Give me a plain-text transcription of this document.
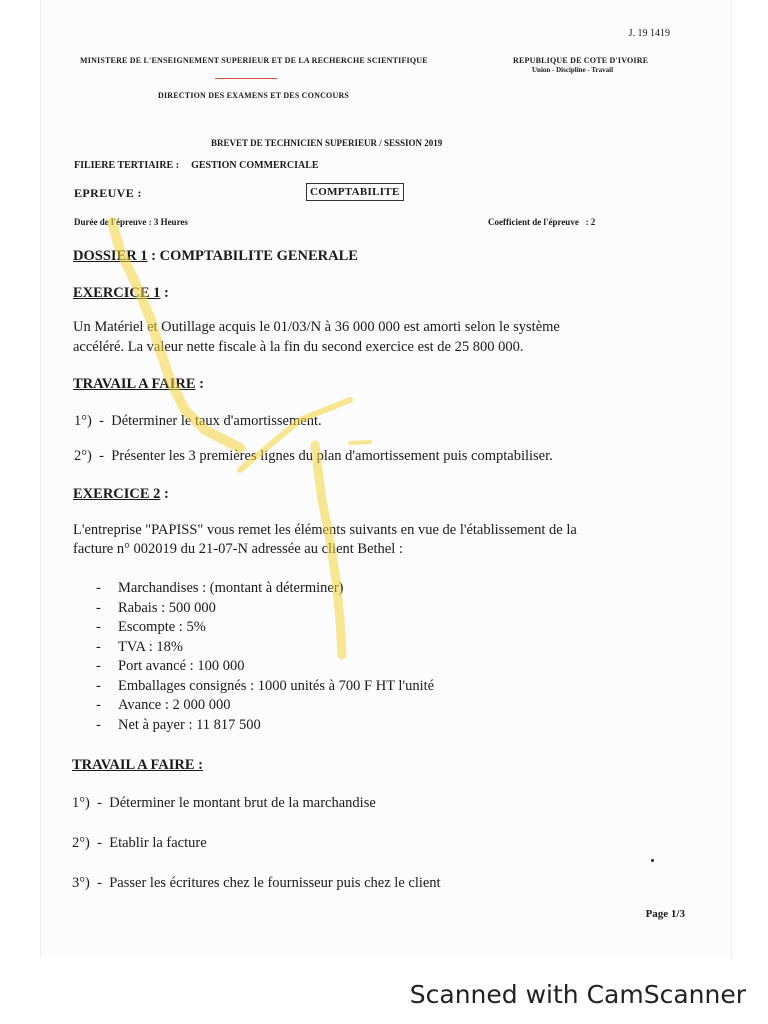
J. 19 1419
MINISTERE DE L'ENSEIGNEMENT SUPERIEUR ET DE LA RECHERCHE SCIENTIFIQUE	REPUBLIQUE DE COTE D'IVOIRE
Union - Discipline - Travail
DIRECTION DES EXAMENS ET DES CONCOURS
BREVET DE TECHNICIEN SUPERIEUR / SESSION 2019
FILIERE TERTIAIRE : GESTION COMMERCIALE
EPREUVE :	COMPTABILITE
Durée de l'épreuve : 3 Heures	Coefficient de l'épreuve : 2
DOSSIER 1 : COMPTABILITE GENERALE
EXERCICE 1 :
Un Matériel et Outillage acquis le 01/03/N à 36 000 000 est amorti selon le système
accéléré. La valeur nette fiscale à la fin du second exercice est de 25 800 000.
TRAVAIL A FAIRE :
1°)  -  Déterminer le taux d'amortissement.
2°)  -  Présenter les 3 premières lignes du plan d'amortissement puis comptabiliser.
EXERCICE 2 :
L'entreprise "PAPISS" vous remet les éléments suivants en vue de l'établissement de la
facture n° 002019 du 21-07-N adressée au client Bethel :
- Marchandises : (montant à déterminer)
- Rabais : 500 000
- Escompte : 5%
- TVA : 18%
- Port avancé : 100 000
- Emballages consignés : 1000 unités à 700 F HT l'unité
- Avance : 2 000 000
- Net à payer : 11 817 500
TRAVAIL A FAIRE :
1°)  -  Déterminer le montant brut de la marchandise
2°)  -  Etablir la facture
3°)  -  Passer les écritures chez le fournisseur puis chez le client
Page 1/3
Scanned with CamScanner
